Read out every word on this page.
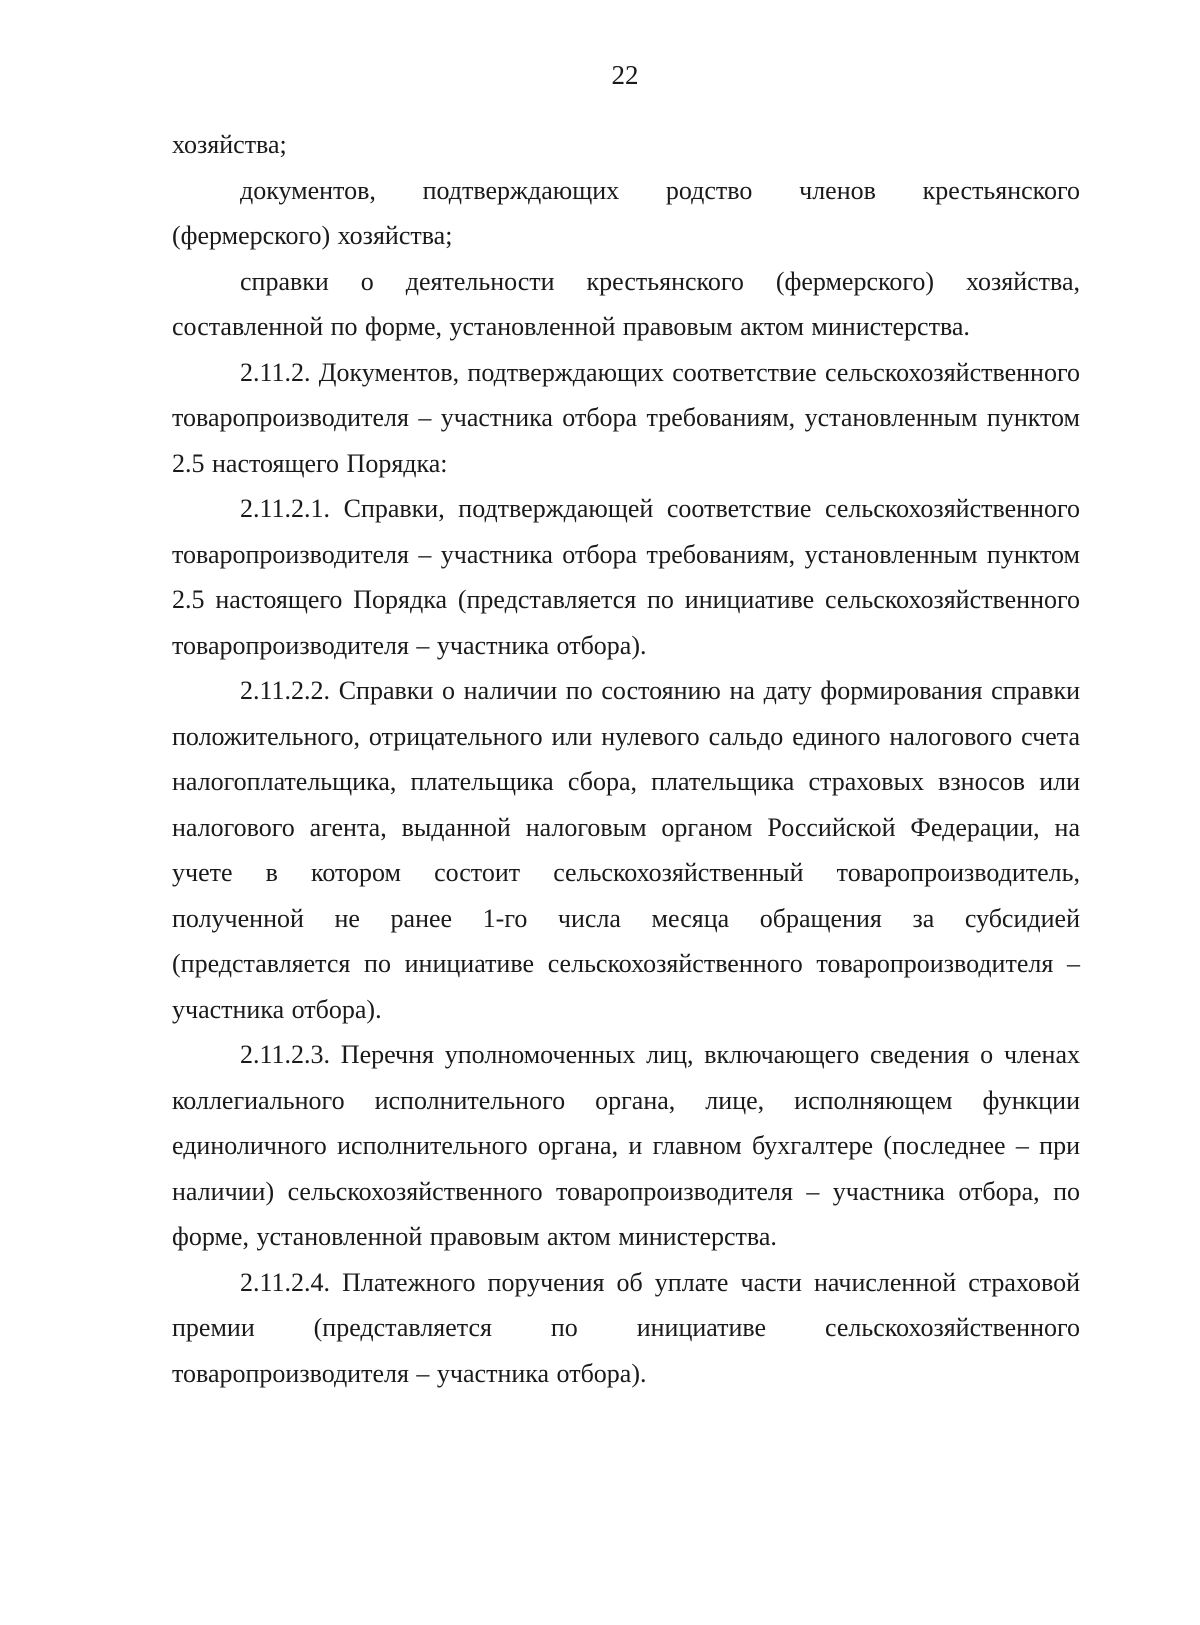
22

хозяйства;

документов, подтверждающих родство членов крестьянского (фермерского) хозяйства;

справки о деятельности крестьянского (фермерского) хозяйства, составленной по форме, установленной правовым актом министерства.

2.11.2. Документов, подтверждающих соответствие сельскохозяйственного товаропроизводителя – участника отбора требованиям, установленным пунктом 2.5 настоящего Порядка:

2.11.2.1. Справки, подтверждающей соответствие сельскохозяйственного товаропроизводителя – участника отбора требованиям, установленным пунктом 2.5 настоящего Порядка (представляется по инициативе сельскохозяйственного товаропроизводителя – участника отбора).

2.11.2.2. Справки о наличии по состоянию на дату формирования справки положительного, отрицательного или нулевого сальдо единого налогового счета налогоплательщика, плательщика сбора, плательщика страховых взносов или налогового агента, выданной налоговым органом Российской Федерации, на учете в котором состоит сельскохозяйственный товаропроизводитель, полученной не ранее 1-го числа месяца обращения за субсидией (представляется по инициативе сельскохозяйственного товаропроизводителя – участника отбора).

2.11.2.3. Перечня уполномоченных лиц, включающего сведения о членах коллегиального исполнительного органа, лице, исполняющем функции единоличного исполнительного органа, и главном бухгалтере (последнее – при наличии) сельскохозяйственного товаропроизводителя – участника отбора, по форме, установленной правовым актом министерства.

2.11.2.4. Платежного поручения об уплате части начисленной страховой премии (представляется по инициативе сельскохозяйственного товаропроизводителя – участника отбора).
